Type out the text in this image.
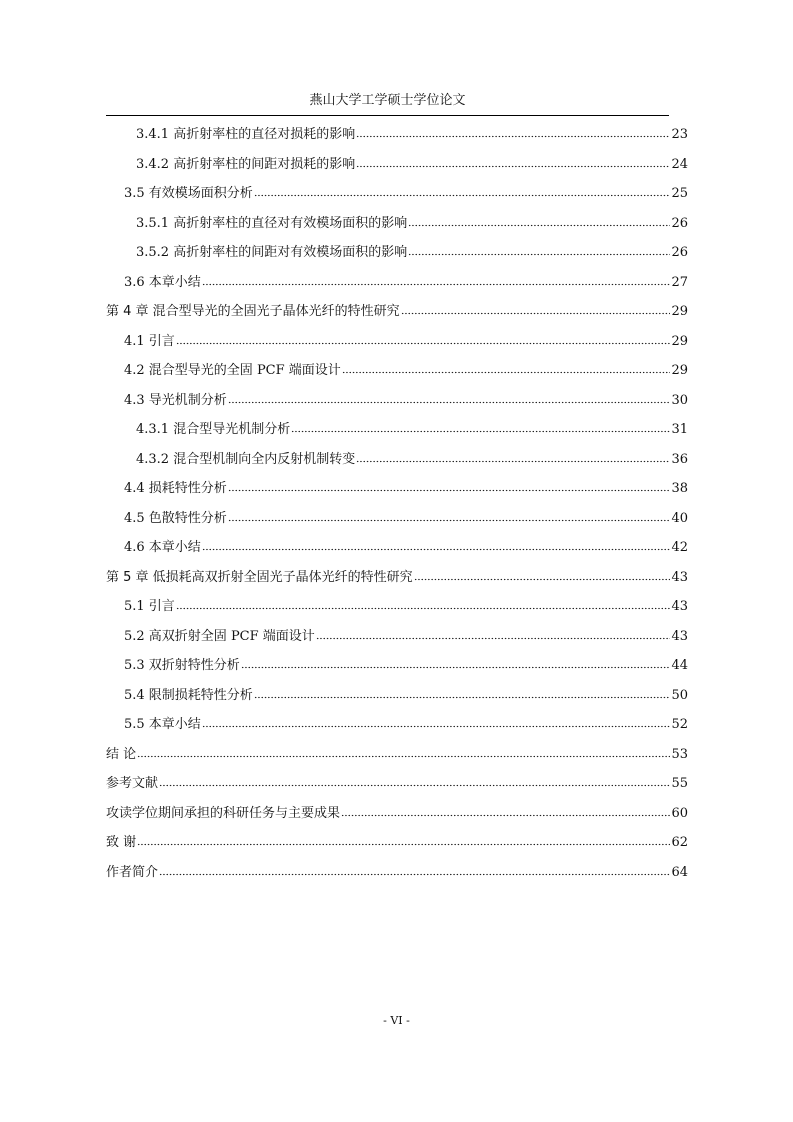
燕山大学工学硕士学位论文
3.4.1 高折射率柱的直径对损耗的影响	23
3.4.2 高折射率柱的间距对损耗的影响	24
3.5 有效模场面积分析	25
3.5.1 高折射率柱的直径对有效模场面积的影响	26
3.5.2 高折射率柱的间距对有效模场面积的影响	26
3.6 本章小结	27
第 4 章 混合型导光的全固光子晶体光纤的特性研究	29
4.1 引言	29
4.2 混合型导光的全固 PCF 端面设计	29
4.3 导光机制分析	30
4.3.1 混合型导光机制分析	31
4.3.2 混合型机制向全内反射机制转变	36
4.4 损耗特性分析	38
4.5 色散特性分析	40
4.6 本章小结	42
第 5 章 低损耗高双折射全固光子晶体光纤的特性研究	43
5.1 引言	43
5.2 高双折射全固 PCF 端面设计	43
5.3 双折射特性分析	44
5.4 限制损耗特性分析	50
5.5 本章小结	52
结 论	53
参考文献	55
攻读学位期间承担的科研任务与主要成果	60
致 谢	62
作者简介	64
- VI -
